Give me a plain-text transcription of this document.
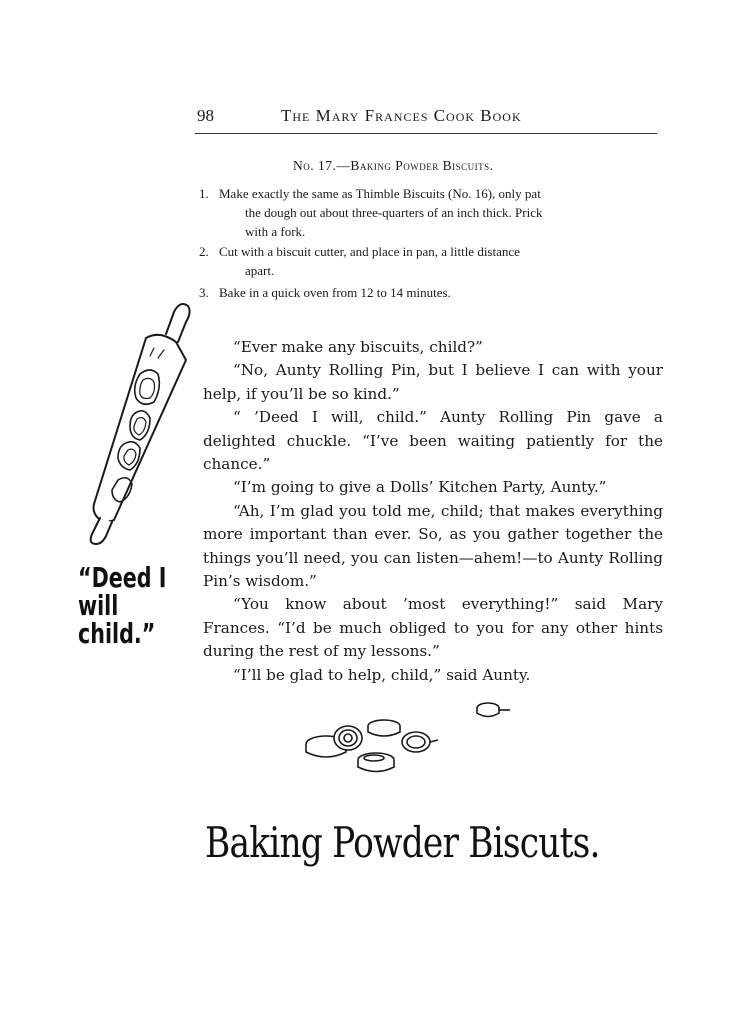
98	The Mary Frances Cook Book
No. 17.—Baking Powder Biscuits.
1. Make exactly the same as Thimble Biscuits (No. 16), only pat
the dough out about three-quarters of an inch thick. Prick
with a fork.
2. Cut with a biscuit cutter, and place in pan, a little distance
apart.
3. Bake in a quick oven from 12 to 14 minutes.

“Ever make any biscuits, child?”

“No, Aunty Rolling Pin, but I believe I can with your help, if you’ll be so kind.”

“ ’Deed I will, child.” Aunty Rolling Pin gave a delighted chuckle. “I’ve been waiting patiently for the chance.”

“I’m going to give a Dolls’ Kitchen Party, Aunty.”

“Ah, I’m glad you told me, child; that makes everything more important than ever. So, as you gather together the things you’ll need, you can listen—ahem!—to Aunty Rolling Pin’s wisdom.”

“You know about ’most everything!” said Mary Frances. “I’d be much obliged to you for any other hints during the rest of my lessons.”

“I’ll be glad to help, child,” said Aunty.

“Deed I
will
child.”
Baking Powder Biscuts.
